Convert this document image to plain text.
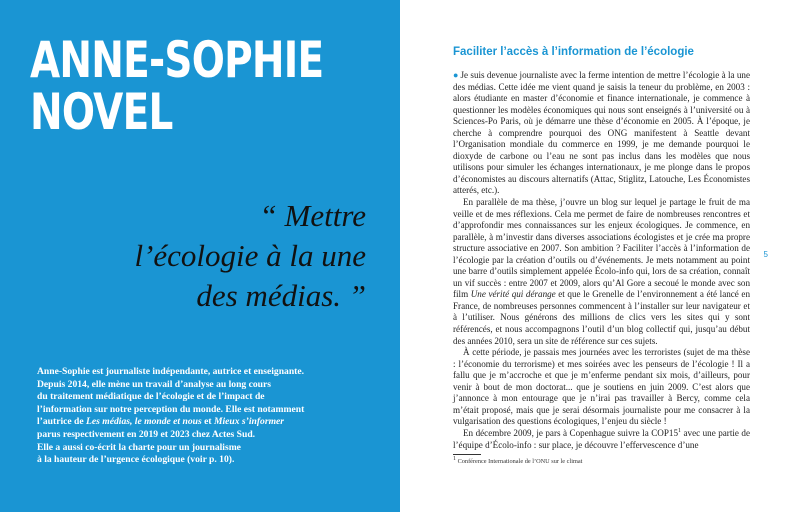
ANNE-SOPHIE
NOVEL

“ Mettre
l’écologie à la une
des médias. ”

Anne-Sophie est journaliste indépendante, autrice et enseignante.

Depuis 2014, elle mène un travail d’analyse au long cours

du traitement médiatique de l’écologie et de l’impact de

l’information sur notre perception du monde. Elle est notamment

l’autrice de Les médias, le monde et nous et Mieux s’informer

parus respectivement en 2019 et 2023 chez Actes Sud.

Elle a aussi co-écrit la charte pour un journalisme

à la hauteur de l’urgence écologique (voir p. 10).

Faciliter l’accès à l’information de l’écologie

● Je suis devenue journaliste avec la ferme intention de mettre l’écologie à la une des médias. Cette idée me vient quand je saisis la teneur du problème, en 2003 : alors étudiante en master d’économie et finance internationale, je commence à questionner les modèles économiques qui nous sont enseignés à l’université ou à Sciences-Po Paris, où je démarre une thèse d’économie en 2005. À l’époque, je cherche à comprendre pourquoi des ONG manifestent à Seattle devant l’Organisation mondiale du commerce en 1999, je me demande pourquoi le dioxyde de carbone ou l’eau ne sont pas inclus dans les modèles que nous utilisons pour simuler les échanges internationaux, je me plonge dans le propos d’économistes au discours alternatifs (Attac, Stiglitz, Latouche, Les Économistes atterés, etc.).

En parallèle de ma thèse, j’ouvre un blog sur lequel je partage le fruit de ma veille et de mes réflexions. Cela me permet de faire de nombreuses rencontres et d’approfondir mes connaissances sur les enjeux écologiques. Je commence, en parallèle, à m’investir dans diverses associations écologistes et je crée ma propre structure associative en 2007. Son ambition ? Faciliter l’accès à l’information de l’écologie par la création d’outils ou d’événements. Je mets notamment au point une barre d’outils simplement appelée Écolo-info qui, lors de sa création, connaît un vif succès : entre 2007 et 2009, alors qu’Al Gore a secoué le monde avec son film Une vérité qui dérange et que le Grenelle de l’environnement a été lancé en France, de nombreuses personnes commencent à l’installer sur leur navigateur et à l’utiliser. Nous générons des millions de clics vers les sites qui y sont référencés, et nous accompagnons l’outil d’un blog collectif qui, jusqu’au début des années 2010, sera un site de référence sur ces sujets.

À cette période, je passais mes journées avec les terroristes (sujet de ma thèse : l’économie du terrorisme) et mes soirées avec les penseurs de l’écologie ! Il a fallu que je m’accroche et que je m’enferme pendant six mois, d’ailleurs, pour venir à bout de mon doctorat... que je soutiens en juin 2009. C’est alors que j’annonce à mon entourage que je n’irai pas travailler à Bercy, comme cela m’était proposé, mais que je serai désormais journaliste pour me consacrer à la vulgarisation des questions écologiques, l’enjeu du siècle !

En décembre 2009, je pars à Copenhague suivre la $COP15^1$ avec une partie de l’équipe d’Écolo-info : sur place, je découvre l’effervescence d’une

$^1$ Conférence Internationale de l’ONU sur le climat
5
